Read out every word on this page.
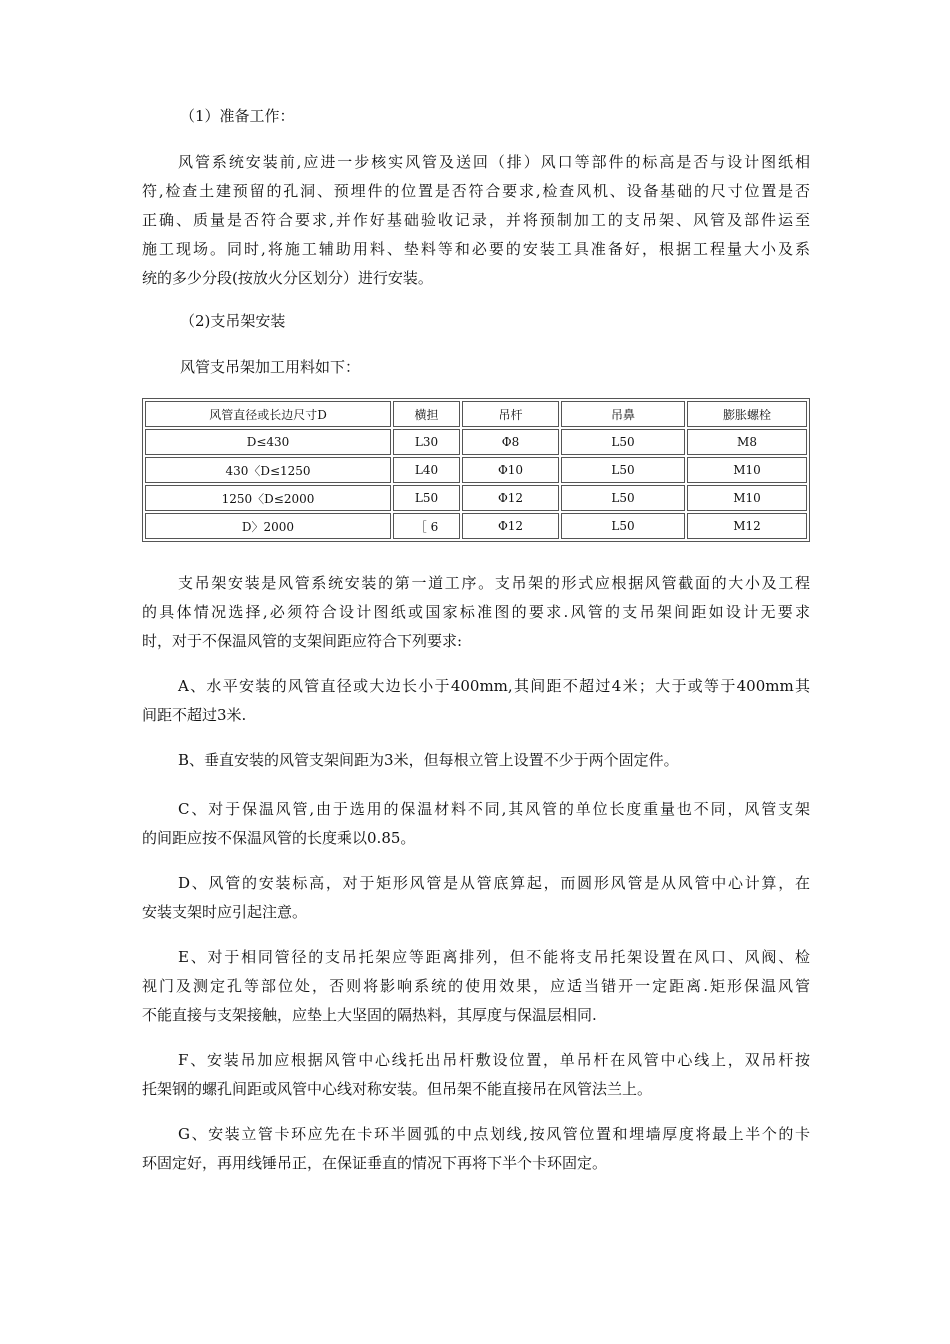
（1）准备工作：
风管系统安装前,应进一步核实风管及送回（排）风口等部件的标高是否与设计图纸相
符,检查土建预留的孔洞、预埋件的位置是否符合要求,检查风机、设备基础的尺寸位置是否
正确、质量是否符合要求,并作好基础验收记录，并将预制加工的支吊架、风管及部件运至
施工现场。同时,将施工辅助用料、垫料等和必要的安装工具准备好，根据工程量大小及系
统的多少分段(按放火分区划分）进行安装。
（2)支吊架安装
风管支吊架加工用料如下：
风管直径或长边尺寸D	横担	吊杆	吊鼻	膨胀螺栓
D≤430	L30	Φ8	L50	M8
430〈D≤1250	L40	Φ10	L50	M10
1250〈D≤2000	L50	Φ12	L50	M10
D〉2000	［ 6	Φ12	L50	M12
支吊架安装是风管系统安装的第一道工序。支吊架的形式应根据风管截面的大小及工程
的具体情况选择,必须符合设计图纸或国家标准图的要求.风管的支吊架间距如设计无要求
时，对于不保温风管的支架间距应符合下列要求:
A、水平安装的风管直径或大边长小于400mm,其间距不超过4米；大于或等于400mm其
间距不超过3米.
B、垂直安装的风管支架间距为3米，但每根立管上设置不少于两个固定件。
C、对于保温风管,由于选用的保温材料不同,其风管的单位长度重量也不同，风管支架
的间距应按不保温风管的长度乘以0.85。
D、风管的安装标高，对于矩形风管是从管底算起，而圆形风管是从风管中心计算，在
安装支架时应引起注意。
E、对于相同管径的支吊托架应等距离排列，但不能将支吊托架设置在风口、风阀、检
视门及测定孔等部位处，否则将影响系统的使用效果，应适当错开一定距离.矩形保温风管
不能直接与支架接触，应垫上大坚固的隔热料，其厚度与保温层相同.
F、安装吊加应根据风管中心线托出吊杆敷设位置，单吊杆在风管中心线上，双吊杆按
托架钢的螺孔间距或风管中心线对称安装。但吊架不能直接吊在风管法兰上。
G、安装立管卡环应先在卡环半圆弧的中点划线,按风管位置和埋墙厚度将最上半个的卡
环固定好，再用线锤吊正，在保证垂直的情况下再将下半个卡环固定。
